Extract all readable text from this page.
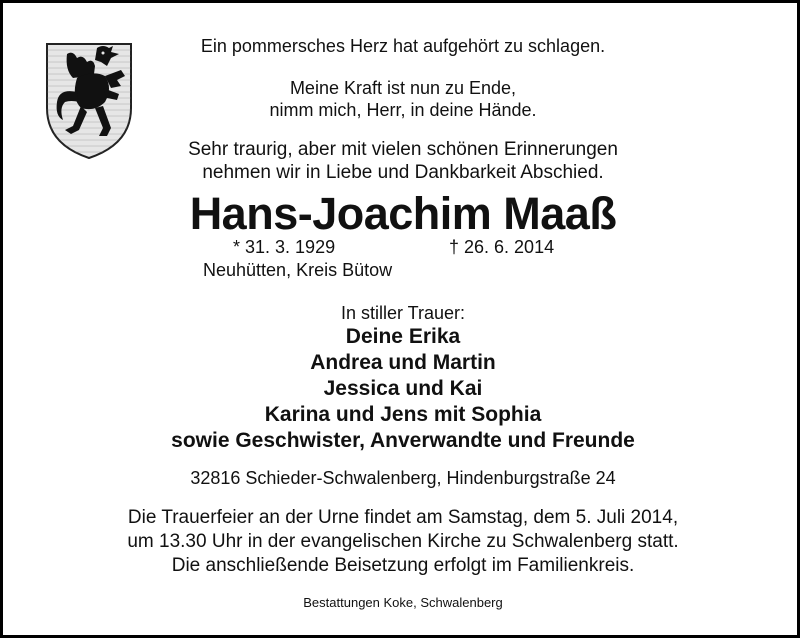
Ein pommersches Herz hat aufgehört zu schlagen.
Meine Kraft ist nun zu Ende,
nimm mich, Herr, in deine Hände.
Sehr traurig, aber mit vielen schönen Erinnerungen
nehmen wir in Liebe und Dankbarkeit Abschied.
Hans-Joachim Maaß
* 31. 3. 1929	† 26. 6. 2014
Neuhütten, Kreis Bütow
In stiller Trauer:
Deine Erika
Andrea und Martin
Jessica und Kai
Karina und Jens mit Sophia
sowie Geschwister, Anverwandte und Freunde
32816 Schieder-Schwalenberg, Hindenburgstraße 24
Die Trauerfeier an der Urne findet am Samstag, dem 5. Juli 2014,
um 13.30 Uhr in der evangelischen Kirche zu Schwalenberg statt.
Die anschließende Beisetzung erfolgt im Familienkreis.
Bestattungen Koke, Schwalenberg
